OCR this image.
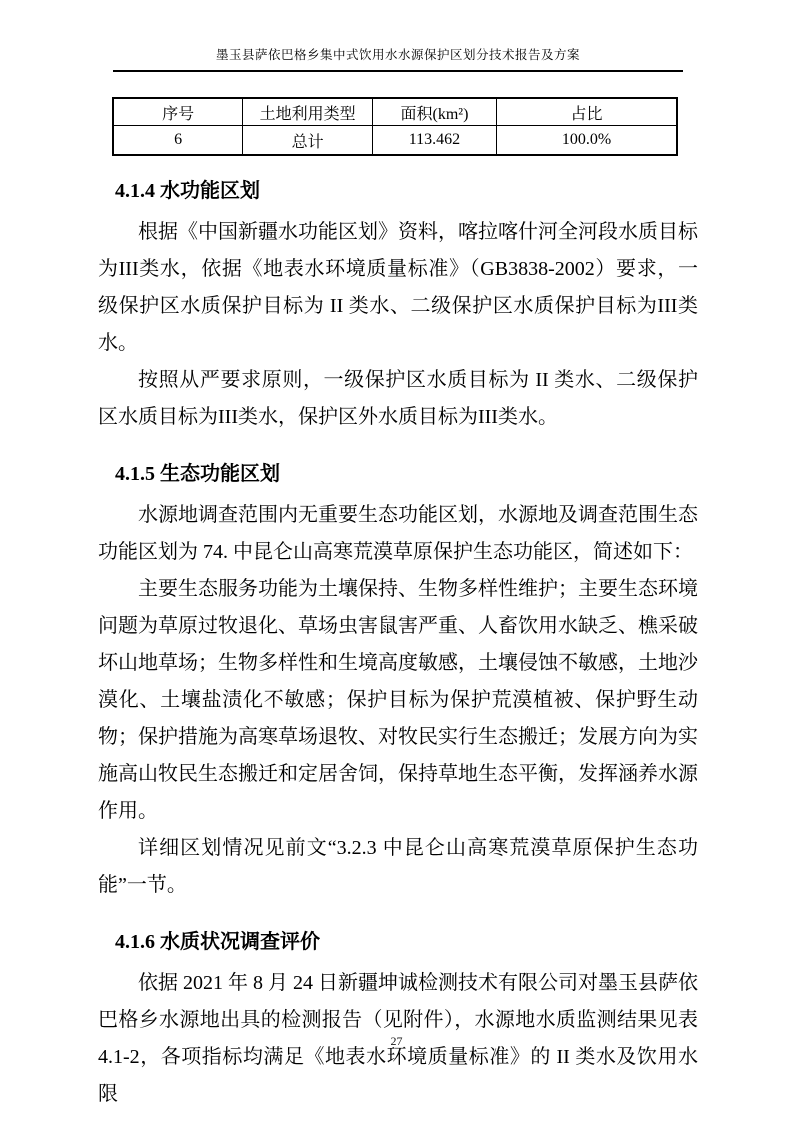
墨玉县萨依巴格乡集中式饮用水水源保护区划分技术报告及方案
序号	土地利用类型	面积(km²)	占比
6	总计	113.462	100.0%
4.1.4 水功能区划

根据《中国新疆水功能区划》资料，喀拉喀什河全河段水质目标为III类水，依据《地表水环境质量标准》（GB3838-2002）要求，一级保护区水质保护目标为 II 类水、二级保护区水质保护目标为III类水。

按照从严要求原则，一级保护区水质目标为 II 类水、二级保护区水质目标为III类水，保护区外水质目标为III类水。

4.1.5 生态功能区划

水源地调查范围内无重要生态功能区划，水源地及调查范围生态功能区划为 74. 中昆仑山高寒荒漠草原保护生态功能区，简述如下：

主要生态服务功能为土壤保持、生物多样性维护；主要生态环境问题为草原过牧退化、草场虫害鼠害严重、人畜饮用水缺乏、樵采破坏山地草场；生物多样性和生境高度敏感，土壤侵蚀不敏感，土地沙漠化、土壤盐渍化不敏感；保护目标为保护荒漠植被、保护野生动物；保护措施为高寒草场退牧、对牧民实行生态搬迁；发展方向为实施高山牧民生态搬迁和定居舍饲，保持草地生态平衡，发挥涵养水源作用。

详细区划情况见前文“3.2.3 中昆仑山高寒荒漠草原保护生态功能”一节。

4.1.6 水质状况调查评价

依据 2021 年 8 月 24 日新疆坤诚检测技术有限公司对墨玉县萨依巴格乡水源地出具的检测报告（见附件），水源地水质监测结果见表 4.1-2，各项指标均满足《地表水环境质量标准》的 II 类水及饮用水限

27
